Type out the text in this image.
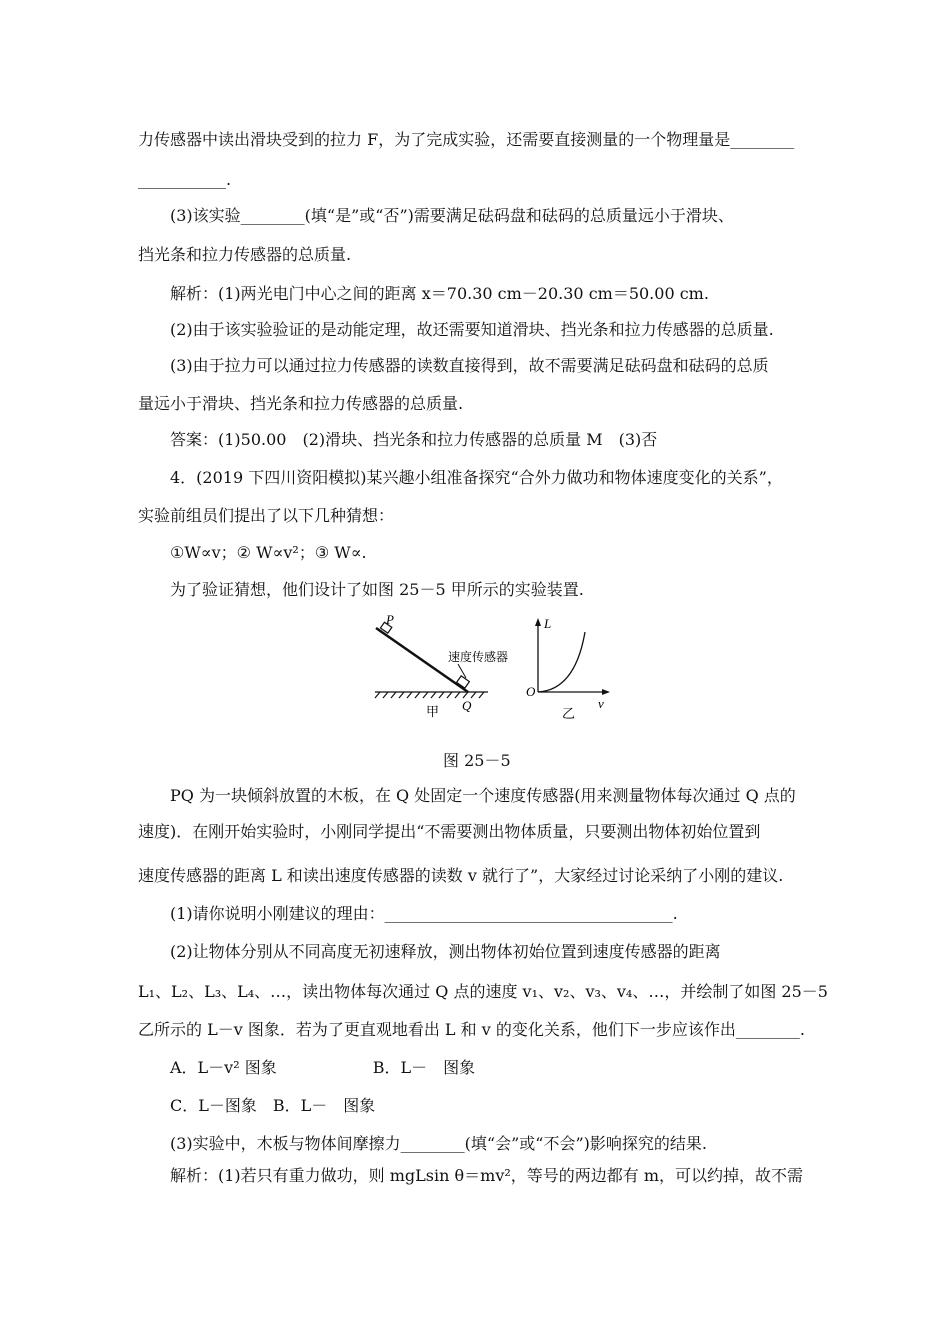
力传感器中读出滑块受到的拉力 F，为了完成实验，还需要直接测量的一个物理量是________
___________.
(3)该实验________(填“是”或“否”)需要满足砝码盘和砝码的总质量远小于滑块、
挡光条和拉力传感器的总质量.
解析：(1)两光电门中心之间的距离 x＝70.30 cm－20.30 cm＝50.00 cm.
(2)由于该实验验证的是动能定理，故还需要知道滑块、挡光条和拉力传感器的总质量.
(3)由于拉力可以通过拉力传感器的读数直接得到，故不需要满足砝码盘和砝码的总质
量远小于滑块、挡光条和拉力传感器的总质量.
答案：(1)50.00　(2)滑块、挡光条和拉力传感器的总质量 M　(3)否
4．(2019 下四川资阳模拟)某兴趣小组准备探究“合外力做功和物体速度变化的关系”，
实验前组员们提出了以下几种猜想：
①W∝v；② W∝v²；③ W∝.
为了验证猜想，他们设计了如图 25－5 甲所示的实验装置.
P
速度传感器
Q
甲
L
O
v
乙
图 25－5
PQ 为一块倾斜放置的木板，在 Q 处固定一个速度传感器(用来测量物体每次通过 Q 点的
速度)．在刚开始实验时，小刚同学提出“不需要测出物体质量，只要测出物体初始位置到
速度传感器的距离 L 和读出速度传感器的读数 v 就行了”，大家经过讨论采纳了小刚的建议.
(1)请你说明小刚建议的理由：____________________________________.
(2)让物体分别从不同高度无初速释放，测出物体初始位置到速度传感器的距离
L₁、L₂、L₃、L₄、…，读出物体每次通过 Q 点的速度 v₁、v₂、v₃、v₄、…，并绘制了如图 25－5
乙所示的 L－v 图象．若为了更直观地看出 L 和 v 的变化关系，他们下一步应该作出________.
A．L－v² 图象　　　　　　B．L－　图象
C．L－图象　B．L－　图象
(3)实验中，木板与物体间摩擦力________(填“会”或“不会”)影响探究的结果.
解析：(1)若只有重力做功，则 mgLsin θ＝mv²，等号的两边都有 m，可以约掉，故不需
